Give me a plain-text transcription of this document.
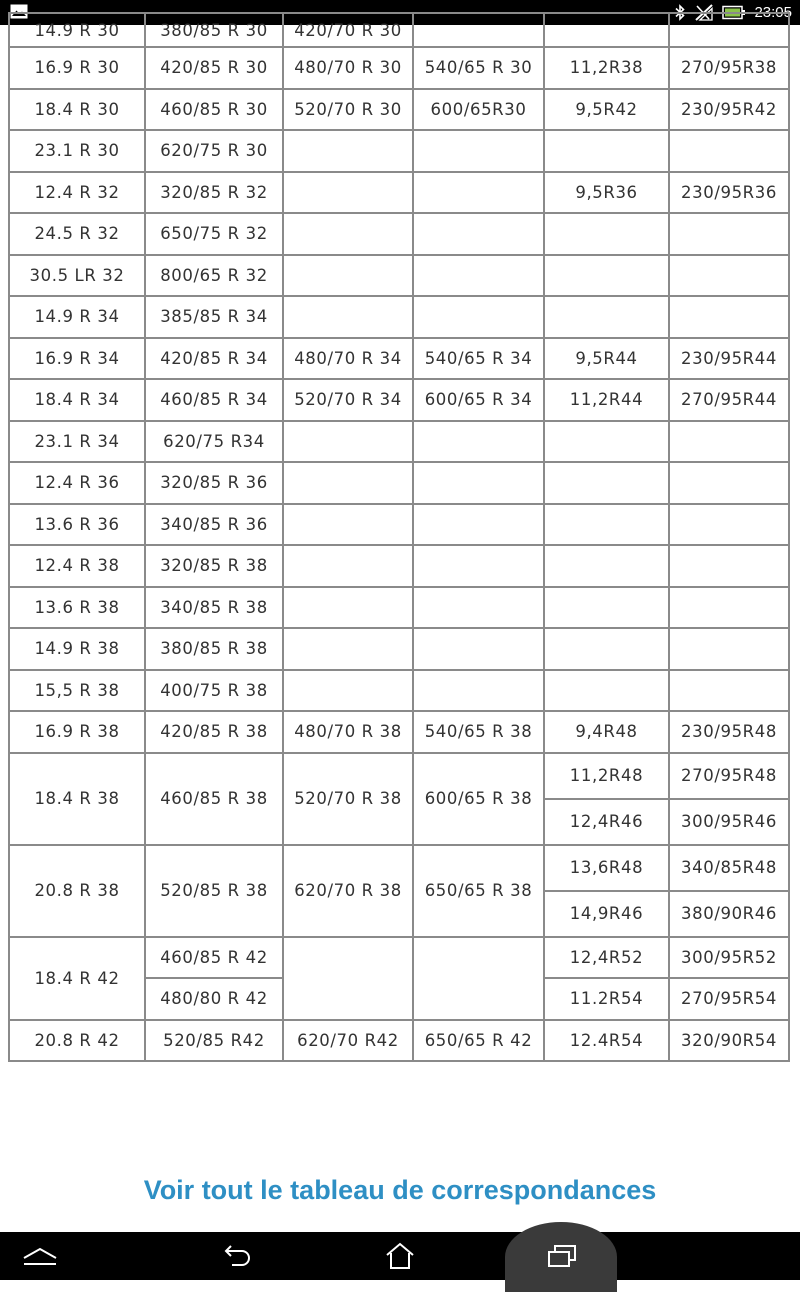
23:05
14.9 R 30	380/85 R 30	420/70 R 30			
16.9 R 30	420/85 R 30	480/70 R 30	540/65 R 30	11,2R38	270/95R38
18.4 R 30	460/85 R 30	520/70 R 30	600/65R30	9,5R42	230/95R42
23.1 R 30	620/75 R 30				
12.4 R 32	320/85 R 32			9,5R36	230/95R36
24.5 R 32	650/75 R 32				
30.5 LR 32	800/65 R 32				
14.9 R 34	385/85 R 34				
16.9 R 34	420/85 R 34	480/70 R 34	540/65 R 34	9,5R44	230/95R44
18.4 R 34	460/85 R 34	520/70 R 34	600/65 R 34	11,2R44	270/95R44
23.1 R 34	620/75 R34				
12.4 R 36	320/85 R 36				
13.6 R 36	340/85 R 36				
12.4 R 38	320/85 R 38				
13.6 R 38	340/85 R 38				
14.9 R 38	380/85 R 38				
15,5 R 38	400/75 R 38				
16.9 R 38	420/85 R 38	480/70 R 38	540/65 R 38	9,4R48	230/95R48
18.4 R 38	460/85 R 38	520/70 R 38	600/65 R 38	11,2R48	270/95R48
				12,4R46	300/95R46
20.8 R 38	520/85 R 38	620/70 R 38	650/65 R 38	13,6R48	340/85R48
				14,9R46	380/90R46
18.4 R 42	460/85 R 42			12,4R52	300/95R52
	480/80 R 42			11.2R54	270/95R54
20.8 R 42	520/85 R42	620/70 R42	650/65 R 42	12.4R54	320/90R54
Voir tout le tableau de correspondances
